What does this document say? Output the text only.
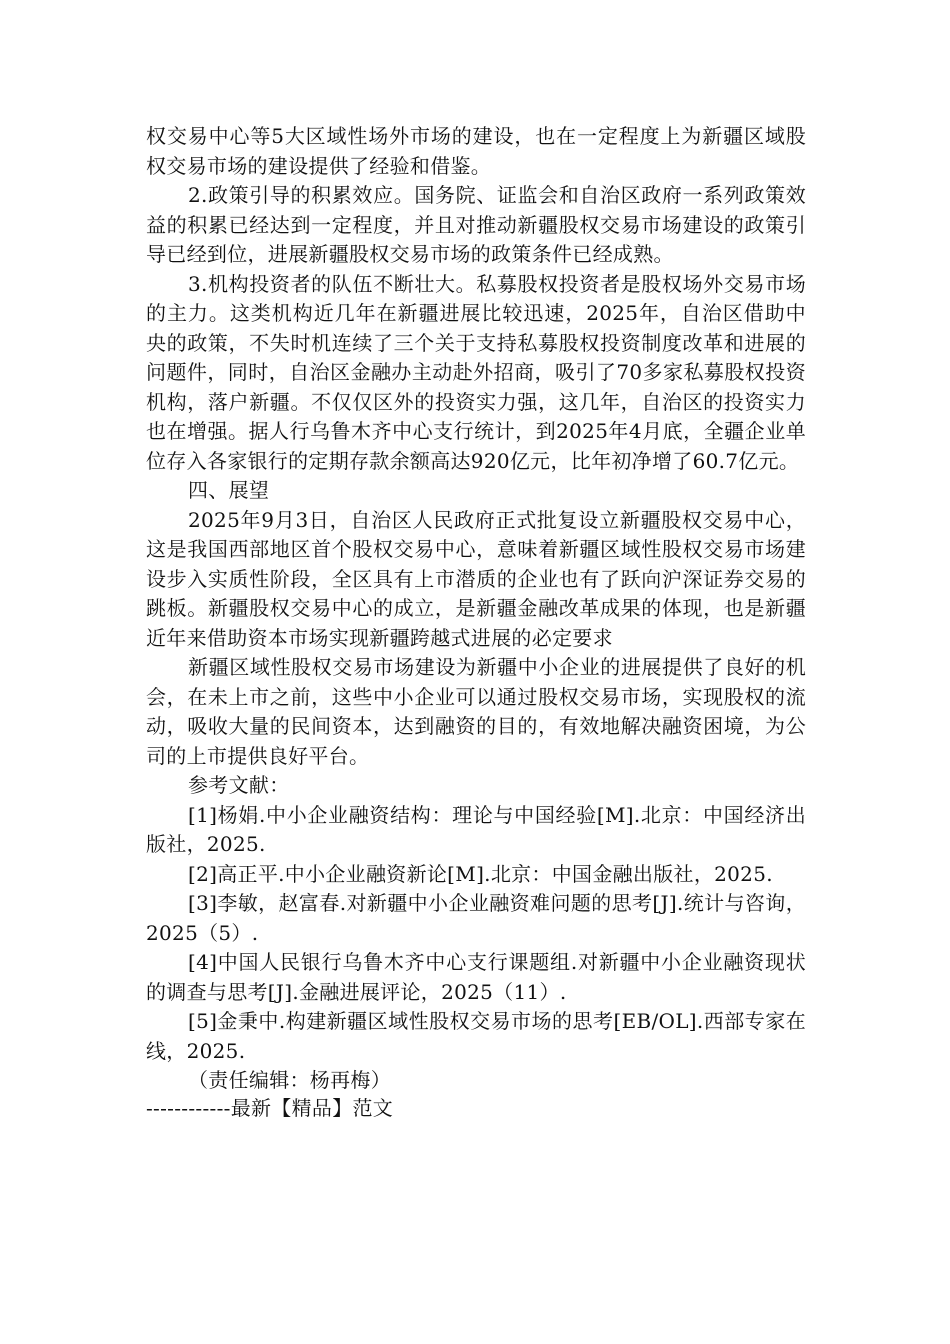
权交易中心等5大区域性场外市场的建设，也在一定程度上为新疆区域股权交易市场的建设提供了经验和借鉴。

2.政策引导的积累效应。国务院、证监会和自治区政府一系列政策效益的积累已经达到一定程度，并且对推动新疆股权交易市场建设的政策引导已经到位，进展新疆股权交易市场的政策条件已经成熟。

3.机构投资者的队伍不断壮大。私募股权投资者是股权场外交易市场的主力。这类机构近几年在新疆进展比较迅速，2025年，自治区借助中央的政策，不失时机连续了三个关于支持私募股权投资制度改革和进展的问题件，同时，自治区金融办主动赴外招商，吸引了70多家私募股权投资机构，落户新疆。不仅仅区外的投资实力强，这几年，自治区的投资实力也在增强。据人行乌鲁木齐中心支行统计，到2025年4月底，全疆企业单位存入各家银行的定期存款余额高达920亿元，比年初净增了60.7亿元。

四、展望

2025年9月3日，自治区人民政府正式批复设立新疆股权交易中心，这是我国西部地区首个股权交易中心，意味着新疆区域性股权交易市场建设步入实质性阶段，全区具有上市潜质的企业也有了跃向沪深证券交易的跳板。新疆股权交易中心的成立，是新疆金融改革成果的体现，也是新疆近年来借助资本市场实现新疆跨越式进展的必定要求

新疆区域性股权交易市场建设为新疆中小企业的进展提供了良好的机会，在未上市之前，这些中小企业可以通过股权交易市场，实现股权的流动，吸收大量的民间资本，达到融资的目的，有效地解决融资困境，为公司的上市提供良好平台。

参考文献：

[1]杨娟.中小企业融资结构：理论与中国经验[M].北京：中国经济出版社，2025.

[2]高正平.中小企业融资新论[M].北京：中国金融出版社，2025.

[3]李敏，赵富春.对新疆中小企业融资难问题的思考[J].统计与咨询，2025（5）.

[4]中国人民银行乌鲁木齐中心支行课题组.对新疆中小企业融资现状的调查与思考[J].金融进展评论，2025（11）.

[5]金秉中.构建新疆区域性股权交易市场的思考[EB/OL].西部专家在线，2025.

（责任编辑：杨再梅）

------------最新【精品】范文
